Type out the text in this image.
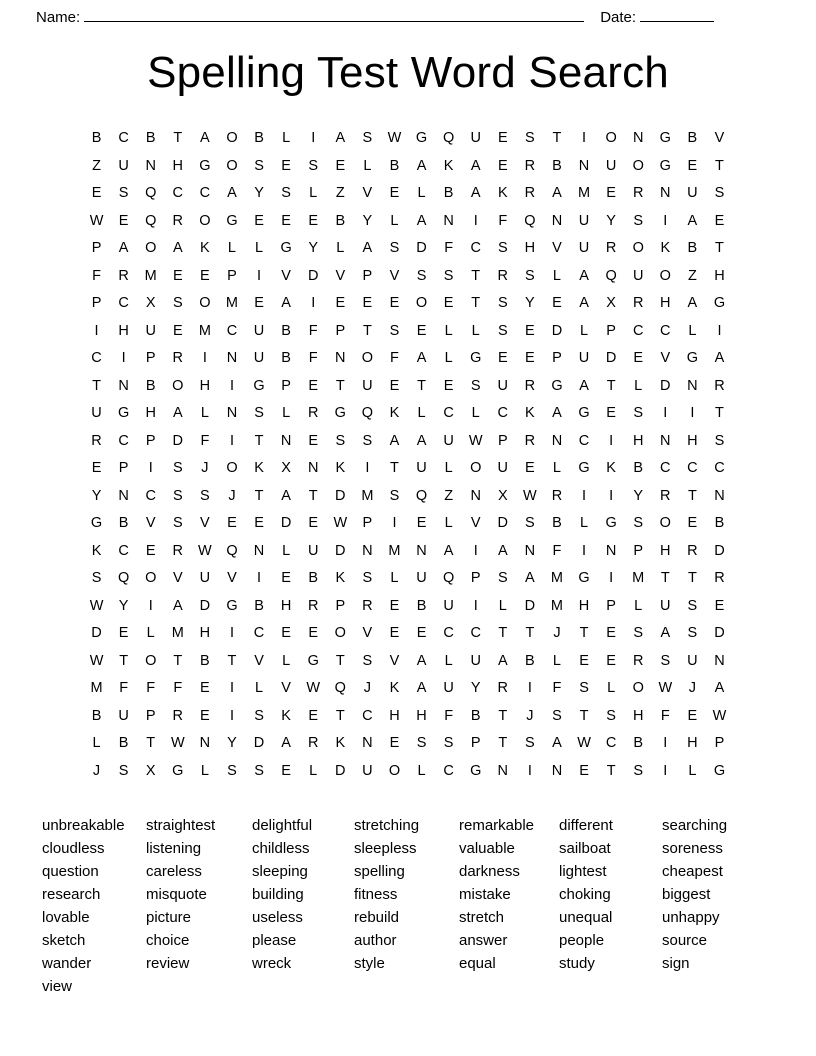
Name:	Date:
Spelling Test Word Search
B C B T A O B L I A S W G Q U E S T I O N G B V
Z U N H G O S E S E L B A K A E R B N U O G E T
E S Q C C A Y S L Z V E L B A K R A M E R N U S
W E Q R O G E E E B Y L A N I F Q N U Y S I A E
P A O A K L L G Y L A S D F C S H V U R O K B T
F R M E E P I V D V P V S S T R S L A Q U O Z H
P C X S O M E A I E E E O E T S Y E A X R H A G
I H U E M C U B F P T S E L L S E D L P C C L I
C I P R I N U B F N O F A L G E E P U D E V G A
T N B O H I G P E T U E T E S U R G A T L D N R
U G H A L N S L R G Q K L C L C K A G E S I I T
R C P D F I T N E S S A A U W P R N C I H N H S
E P I S J O K X N K I T U L O U E L G K B C C C
Y N C S S J T A T D M S Q Z N X W R I I Y R T N
G B V S V E E D E W P I E L V D S B L G S O E B
K C E R W Q N L U D N M N A I A N F I N P H R D
S Q O V U V I E B K S L U Q P S A M G I M T T R
W Y I A D G B H R P R E B U I L D M H P L U S E
D E L M H I C E E O V E E C C T T J T E S A S D
W T O T B T V L G T S V A L U A B L E E R S U N
M F F F E I L V W Q J K A U Y R I F S L O W J A
B U P R E I S K E T C H H F B T J S T S H F E W
L B T W N Y D A R K N E S S P T S A W C B I H P
J S X G L S S E L D U O L C G N I N E T S I L G
unbreakable
cloudless
question
research
lovable
sketch
wander
view
straightest
listening
careless
misquote
picture
choice
review
delightful
childless
sleeping
building
useless
please
wreck
stretching
sleepless
spelling
fitness
rebuild
author
style
remarkable
valuable
darkness
mistake
stretch
answer
equal
different
sailboat
lightest
choking
unequal
people
study
searching
soreness
cheapest
biggest
unhappy
source
sign
